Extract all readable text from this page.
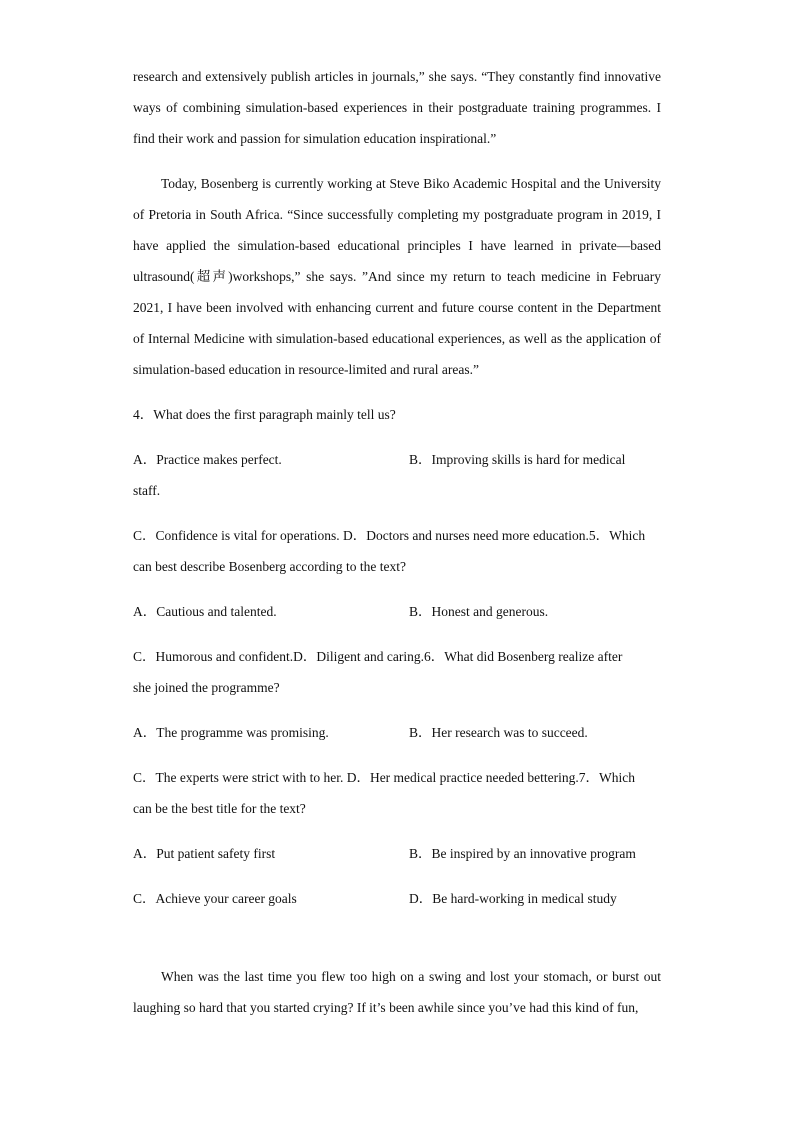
research and extensively publish articles in journals,” she says. “They constantly find innovative ways of combining simulation-based experiences in their postgraduate training programmes. I find their work and passion for simulation education inspirational.”

Today, Bosenberg is currently working at Steve Biko Academic Hospital and the University of Pretoria in South Africa. “Since successfully completing my postgraduate program in 2019, I have applied the simulation-based educational principles I have learned in private—based ultrasound(超声)workshops,” she says. ”And since my return to teach medicine in February 2021, I have been involved with enhancing current and future course content in the Department of Internal Medicine with simulation-based educational experiences, as well as the application of simulation-based education in resource-limited and rural areas.”

4．What does the first paragraph mainly tell us?

A．Practice makes perfect.	B．Improving skills is hard for medical

staff.

C．Confidence is vital for operations. D．Doctors and nurses need more education.5．Which

can best describe Bosenberg according to the text?

A．Cautious and talented.	B．Honest and generous.

C．Humorous and confident.D．Diligent and caring.6．What did Bosenberg realize after

she joined the programme?

A．The programme was promising.	B．Her research was to succeed.

C．The experts were strict with to her. D．Her medical practice needed bettering.7．Which

can be the best title for the text?

A．Put patient safety first	B．Be inspired by an innovative program
C．Achieve your career goals	D．Be hard-working in medical study

When was the last time you flew too high on a swing and lost your stomach, or burst out laughing so hard that you started crying? If it’s been awhile since you’ve had this kind of fun,
